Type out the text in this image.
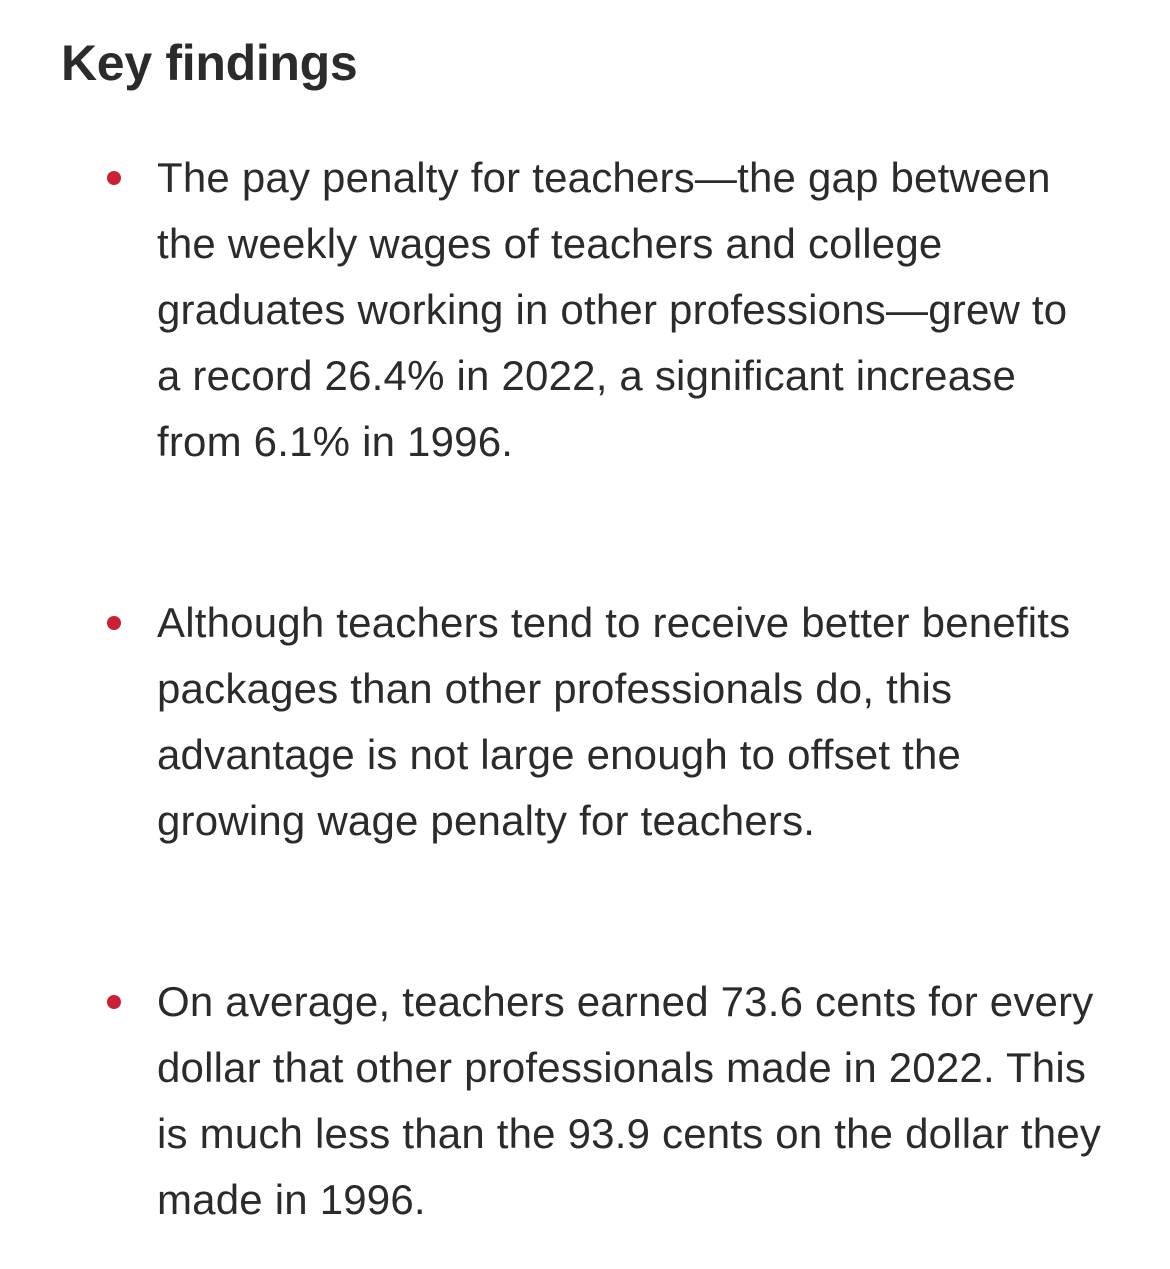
Key findings

The pay penalty for teachers—the gap between the weekly wages of teachers and college graduates working in other professions—grew to a record 26.4% in 2022, a significant increase from 6.1% in 1996.

Although teachers tend to receive better benefits packages than other professionals do, this advantage is not large enough to offset the growing wage penalty for teachers.

On average, teachers earned 73.6 cents for every dollar that other professionals made in 2022. This is much less than the 93.9 cents on the dollar they made in 1996.
